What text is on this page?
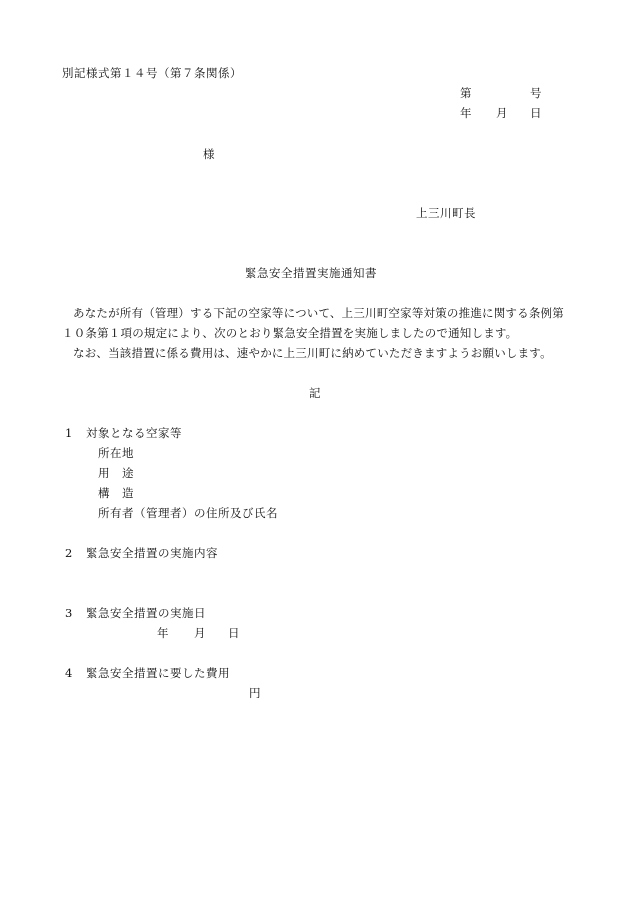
別記様式第１４号（第７条関係）
第	号
年 月 日
様
上三川町長
緊急安全措置実施通知書
あなたが所有（管理）する下記の空家等について、上三川町空家等対策の推進に関する条例第
１０条第１項の規定により、次のとおり緊急安全措置を実施しましたので通知します。
なお、当該措置に係る費用は、速やかに上三川町に納めていただきますようお願いします。
記
1 対象となる空家等
所在地
用　途
構　造
所有者（管理者）の住所及び氏名
2 緊急安全措置の実施内容
3 緊急安全措置の実施日
年 月 日
4 緊急安全措置に要した費用
円
